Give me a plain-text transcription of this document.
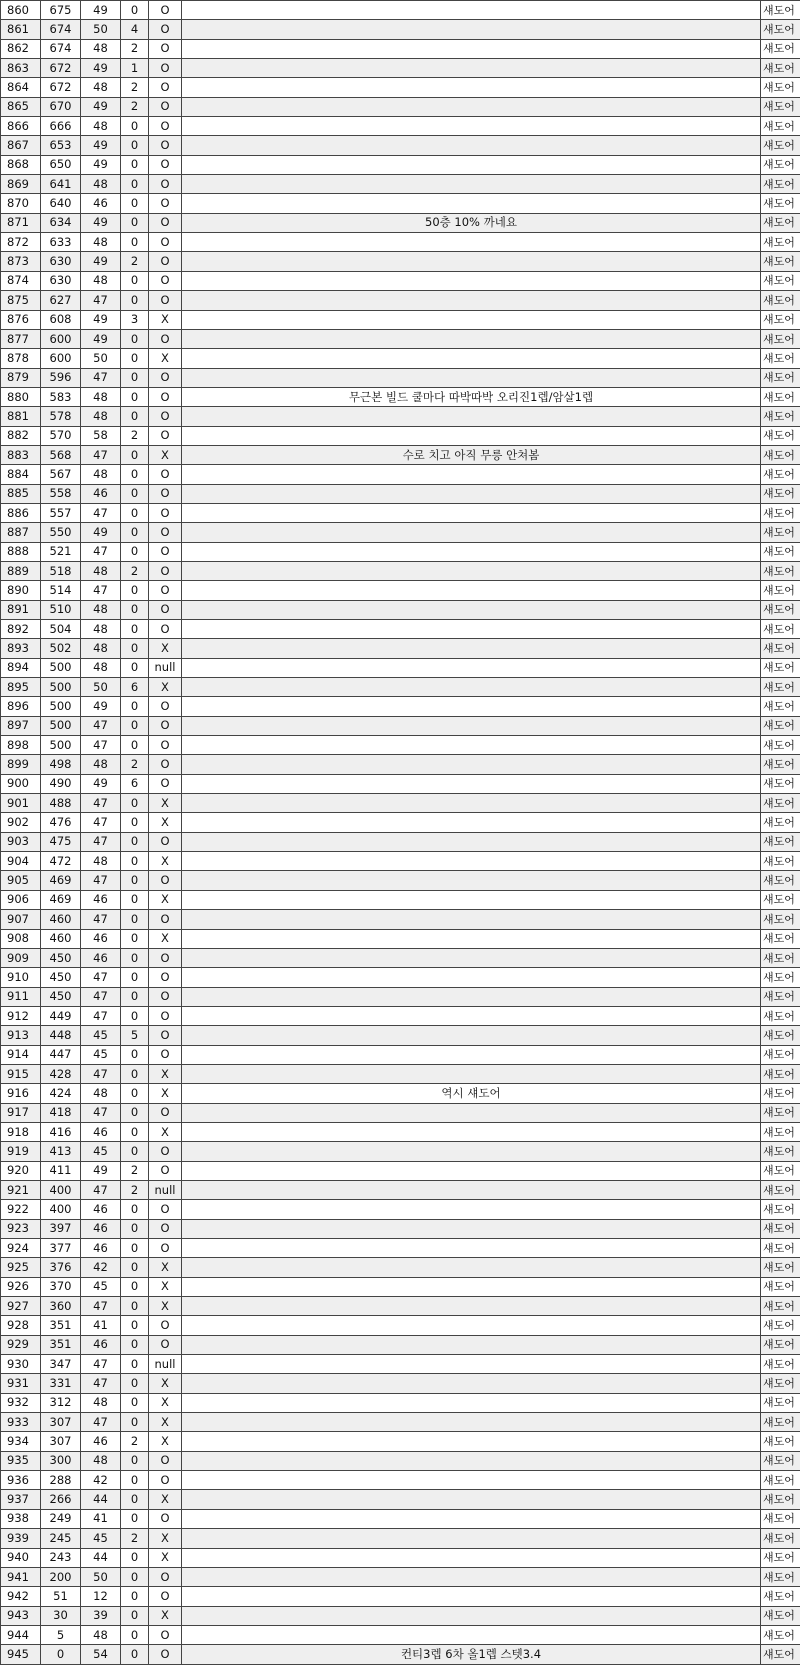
860	675	49	0	O		섀도어
861	674	50	4	O		섀도어
862	674	48	2	O		섀도어
863	672	49	1	O		섀도어
864	672	48	2	O		섀도어
865	670	49	2	O		섀도어
866	666	48	0	O		섀도어
867	653	49	0	O		섀도어
868	650	49	0	O		섀도어
869	641	48	0	O		섀도어
870	640	46	0	O		섀도어
871	634	49	0	O	50층 10% 까네요	섀도어
872	633	48	0	O		섀도어
873	630	49	2	O		섀도어
874	630	48	0	O		섀도어
875	627	47	0	O		섀도어
876	608	49	3	X		섀도어
877	600	49	0	O		섀도어
878	600	50	0	X		섀도어
879	596	47	0	O		섀도어
880	583	48	0	O	무근본 빌드 쿨마다 따박따박 오리진1렙/암살1렙	섀도어
881	578	48	0	O		섀도어
882	570	58	2	O		섀도어
883	568	47	0	X	수로 치고 아직 무릉 안쳐봄	섀도어
884	567	48	0	O		섀도어
885	558	46	0	O		섀도어
886	557	47	0	O		섀도어
887	550	49	0	O		섀도어
888	521	47	0	O		섀도어
889	518	48	2	O		섀도어
890	514	47	0	O		섀도어
891	510	48	0	O		섀도어
892	504	48	0	O		섀도어
893	502	48	0	X		섀도어
894	500	48	0	null		섀도어
895	500	50	6	X		섀도어
896	500	49	0	O		섀도어
897	500	47	0	O		섀도어
898	500	47	0	O		섀도어
899	498	48	2	O		섀도어
900	490	49	6	O		섀도어
901	488	47	0	X		섀도어
902	476	47	0	X		섀도어
903	475	47	0	O		섀도어
904	472	48	0	X		섀도어
905	469	47	0	O		섀도어
906	469	46	0	X		섀도어
907	460	47	0	O		섀도어
908	460	46	0	X		섀도어
909	450	46	0	O		섀도어
910	450	47	0	O		섀도어
911	450	47	0	O		섀도어
912	449	47	0	O		섀도어
913	448	45	5	O		섀도어
914	447	45	0	O		섀도어
915	428	47	0	X		섀도어
916	424	48	0	X	역시 섀도어	섀도어
917	418	47	0	O		섀도어
918	416	46	0	X		섀도어
919	413	45	0	O		섀도어
920	411	49	2	O		섀도어
921	400	47	2	null		섀도어
922	400	46	0	O		섀도어
923	397	46	0	O		섀도어
924	377	46	0	O		섀도어
925	376	42	0	X		섀도어
926	370	45	0	X		섀도어
927	360	47	0	X		섀도어
928	351	41	0	O		섀도어
929	351	46	0	O		섀도어
930	347	47	0	null		섀도어
931	331	47	0	X		섀도어
932	312	48	0	X		섀도어
933	307	47	0	X		섀도어
934	307	46	2	X		섀도어
935	300	48	0	O		섀도어
936	288	42	0	O		섀도어
937	266	44	0	X		섀도어
938	249	41	0	O		섀도어
939	245	45	2	X		섀도어
940	243	44	0	X		섀도어
941	200	50	0	O		섀도어
942	51	12	0	O		섀도어
943	30	39	0	X		섀도어
944	5	48	0	O		섀도어
945	0	54	0	O	컨티3렙 6차 올1렙 스텟3.4	섀도어
